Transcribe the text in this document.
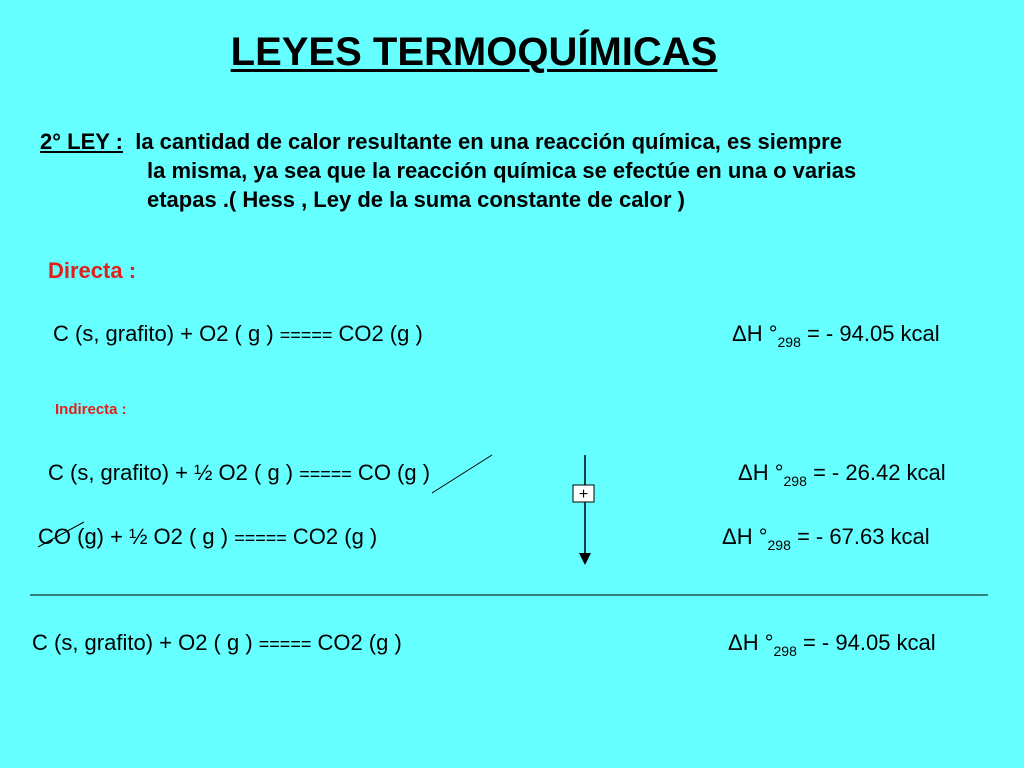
LEYES TERMOQUÍMICAS
2° LEY : la cantidad de calor resultante en una reacción química, es siempre
la misma, ya sea que la reacción química se efectúe en una o varias
etapas .( Hess , Ley de la suma constante de calor )
Directa :
C (s, grafito) + O2 ( g ) ===== CO2 (g )	ΔH $^\circ_{298}$ = - 94.05 kcal
Indirecta :
C (s, grafito) + ½ O2 ( g ) ===== CO (g )	ΔH $^\circ_{298}$ = - 26.42 kcal
CO (g) + ½ O2 ( g ) ===== CO2 (g )	ΔH $^\circ_{298}$ = - 67.63 kcal
C (s, grafito) + O2 ( g ) ===== CO2 (g )	ΔH $^\circ_{298}$ = - 94.05 kcal
+
